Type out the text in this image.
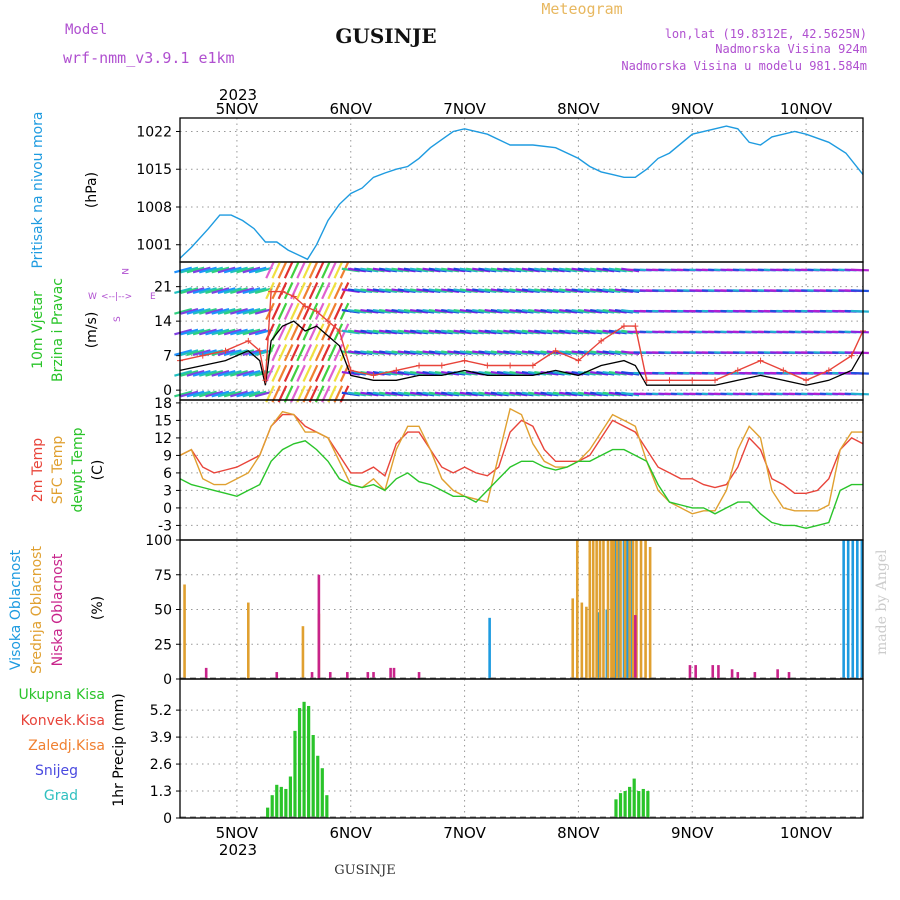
Model
wrf-nmm_v3.9.1 e1km
GUSINJE
Meteogram
lon,lat (19.8312E, 42.5625N)
Nadmorska Visina 924m
Nadmorska Visina u modelu 981.584m
2023
5NOV	6NOV	7NOV	8NOV	9NOV	10NOV
5NOV	6NOV	7NOV	8NOV	9NOV	10NOV
2023
GUSINJE
made by Angel
Pritisak na nivou mora	(hPa)
10m Vjetar Brzina i Pravac (m/s)
W <--|--> E
N
S
2m Temp SFC Temp dewpt Temp (C)
Visoka Oblacnost Srednja Oblacnost Niska Oblacnost (%)
Ukupna Kisa
Konvek.Kisa
Zaledj.Kisa
Snijeg
Grad 1hr Precip (mm)
1001
1008
1015
1022
0
7
14
21
-3
0
3
6
9
12
15
18
0
25
50
75
100
0
1.3
2.6
3.9
5.2
